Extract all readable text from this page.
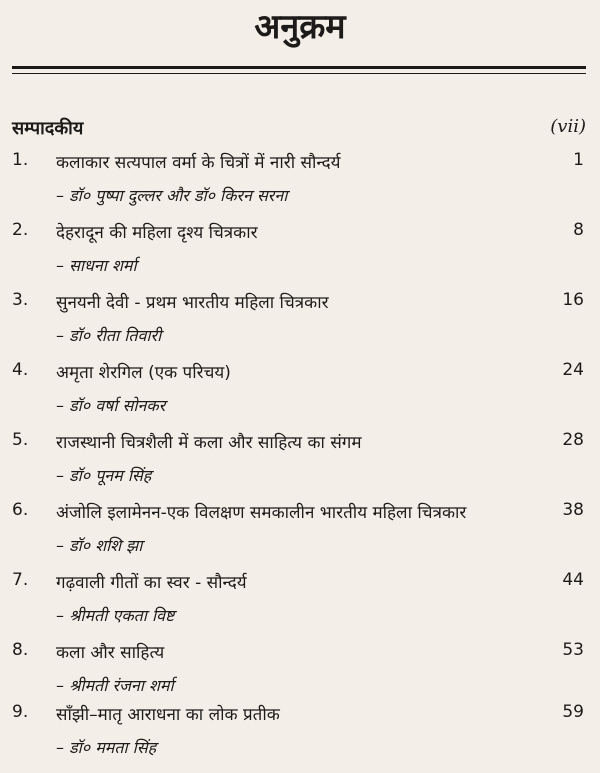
अनुक्रम
सम्पादकीय	(vii)
1. कलाकार सत्यपाल वर्मा के चित्रों में नारी सौन्दर्य	1
– डॉ० पुष्पा दुल्लर और डॉ० किरन सरना
2. देहरादून की महिला दृश्य चित्रकार	8
– साधना शर्मा
3. सुनयनी देवी - प्रथम भारतीय महिला चित्रकार	16
– डॉ० रीता तिवारी
4. अमृता शेरगिल (एक परिचय)	24
– डॉ० वर्षा सोनकर
5. राजस्थानी चित्रशैली में कला और साहित्य का संगम	28
– डॉ० पूनम सिंह
6. अंजोलि इलामेनन-एक विलक्षण समकालीन भारतीय महिला चित्रकार	38
– डॉ० शशि झा
7. गढ़वाली गीतों का स्वर - सौन्दर्य	44
– श्रीमती एकता विष्ट
8. कला और साहित्य	53
– श्रीमती रंजना शर्मा
9. साँझी–मातृ आराधना का लोक प्रतीक	59
– डॉ० ममता सिंह
